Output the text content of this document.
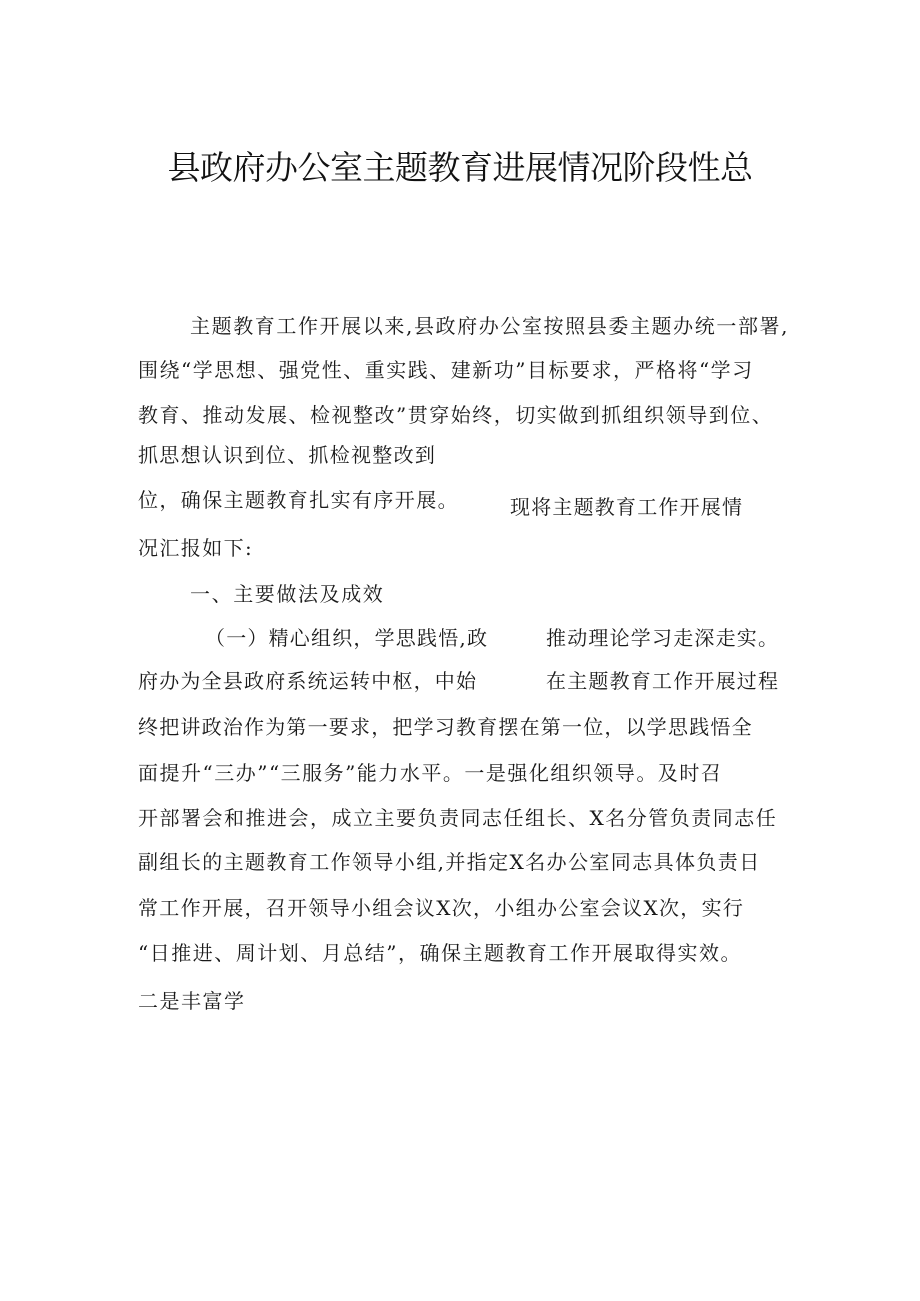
县政府办公室主题教育进展情况阶段性总
主题教育工作开展以来,县政府办公室按照县委主题办统一部署,
围绕“学思想、强党性、重实践、建新功”目标要求，严格将“学习
教育、推动发展、检视整改”贯穿始终，切实做到抓组织领导到位、
抓思想认识到位、抓检视整改到
位，确保主题教育扎实有序开展。	现将主题教育工作开展情
况汇报如下:
一、主要做法及成效
（一）精心组织，学思践悟,政	推动理论学习走深走实。
府办为全县政府系统运转中枢，中始	在主题教育工作开展过程
终把讲政治作为第一要求，把学习教育摆在第一位，以学思践悟全
面提升“三办”“三服务”能力水平。一是强化组织领导。及时召
开部署会和推进会，成立主要负责同志任组长、X名分管负责同志任
副组长的主题教育工作领导小组,并指定X名办公室同志具体负责日
常工作开展，召开领导小组会议X次，小组办公室会议X次，实行
“日推进、周计划、月总结”，确保主题教育工作开展取得实效。
二是丰富学
